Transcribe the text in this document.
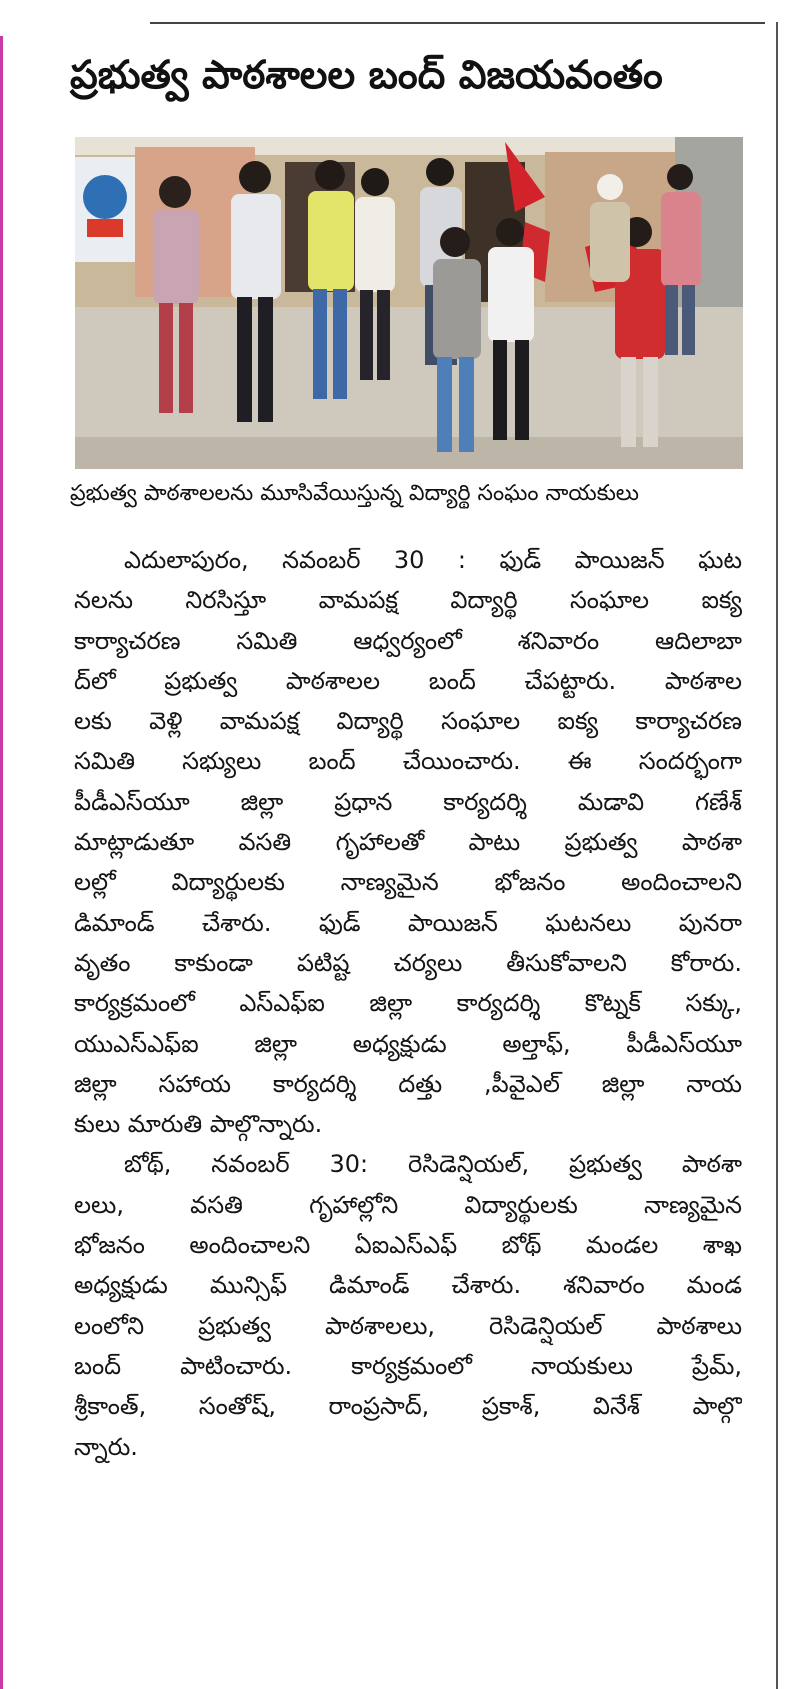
ప్రభుత్వ పాఠశాలల బంద్ విజయవంతం
ప్రభుత్వ పాఠశాలలను మూసివేయిస్తున్న విద్యార్థి సంఘం నాయకులు
ఎదులాపురం, నవంబర్ 30 : ఫుడ్ పాయిజన్ ఘట
నలను నిరసిస్తూ వామపక్ష విద్యార్థి సంఘాల ఐక్య
కార్యాచరణ సమితి ఆధ్వర్యంలో శనివారం ఆదిలాబా
ద్‌లో ప్రభుత్వ పాఠశాలల బంద్ చేపట్టారు. పాఠశాల
లకు వెళ్లి వామపక్ష విద్యార్థి సంఘాల ఐక్య కార్యాచరణ
సమితి సభ్యులు బంద్ చేయించారు. ఈ సందర్భంగా
పీడీఎస్‌యూ జిల్లా ప్రధాన కార్యదర్శి మడావి గణేశ్
మాట్లాడుతూ వసతి గృహాలతో పాటు ప్రభుత్వ పాఠశా
లల్లో విద్యార్థులకు నాణ్యమైన భోజనం అందించాలని
డిమాండ్ చేశారు. ఫుడ్ పాయిజన్ ఘటనలు పునరా
వృతం కాకుండా పటిష్ట చర్యలు తీసుకోవాలని కోరారు.
కార్యక్రమంలో ఎస్ఎఫ్ఐ జిల్లా కార్యదర్శి కొట్నక్ సక్కు,
యుఎస్ఎఫ్ఐ జిల్లా అధ్యక్షుడు అల్తాఫ్, పీడీఎస్‌యూ
జిల్లా సహాయ కార్యదర్శి దత్తు ,పీవైఎల్ జిల్లా నాయ
కులు మారుతి పాల్గొన్నారు.
బోథ్, నవంబర్ 30: రెసిడెన్షియల్, ప్రభుత్వ పాఠశా
లలు, వసతి గృహాల్లోని విద్యార్థులకు నాణ్యమైన
భోజనం అందించాలని ఏఐఎస్ఎఫ్ బోథ్ మండల శాఖ
అధ్యక్షుడు మున్సిఫ్ డిమాండ్ చేశారు. శనివారం మండ
లంలోని ప్రభుత్వ పాఠశాలలు, రెసిడెన్షియల్ పాఠశాలు
బంద్ పాటించారు. కార్యక్రమంలో నాయకులు ప్రేమ్,
శ్రీకాంత్, సంతోష్, రాంప్రసాద్, ప్రకాశ్, వినేశ్ పాల్గొ
న్నారు.
